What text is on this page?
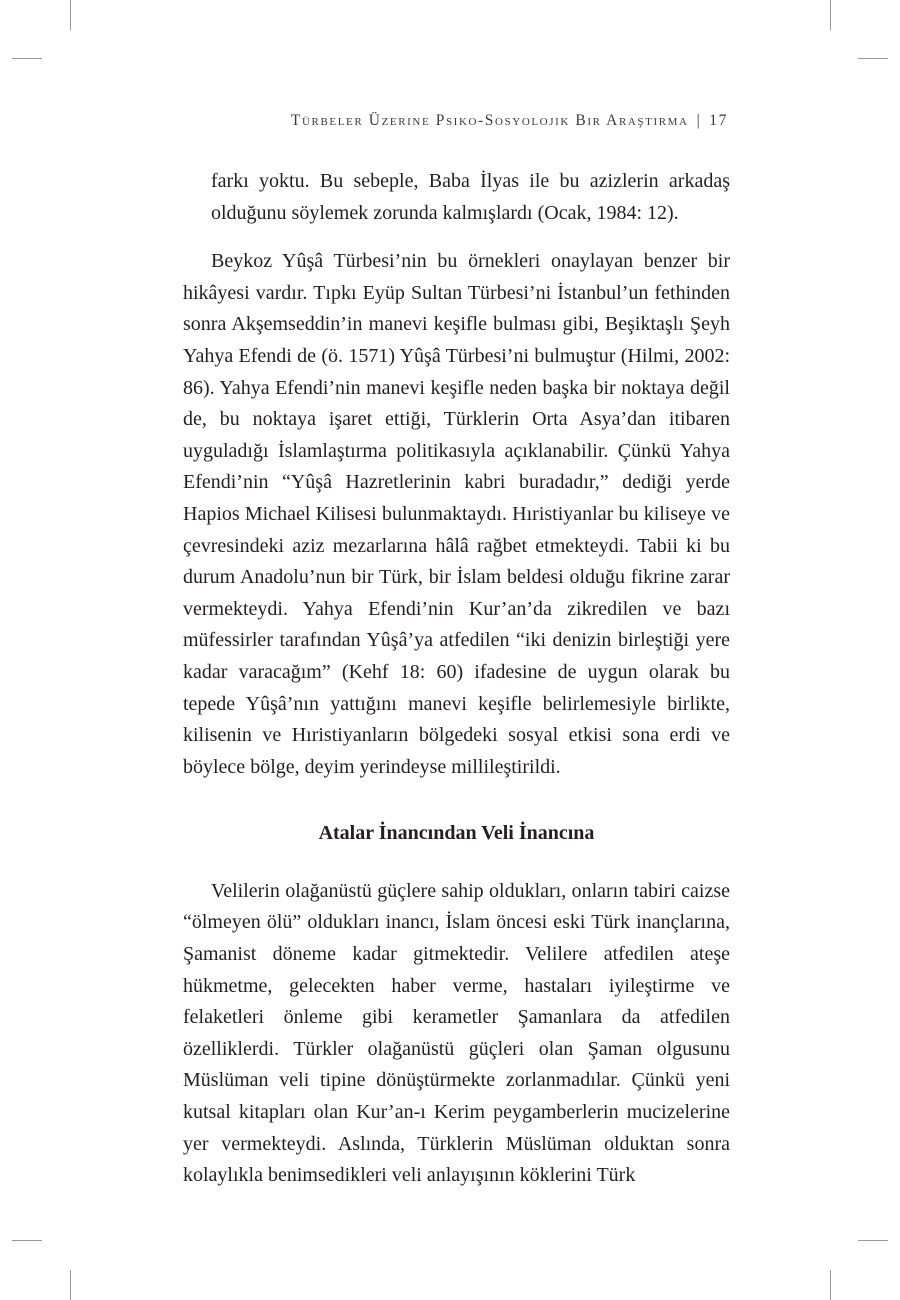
Türbeler Üzerine Psiko-Sosyolojik Bir Araştırma | 17

farkı yoktu. Bu sebeple, Baba İlyas ile bu azizlerin arkadaş olduğunu söylemek zorunda kalmışlardı (Ocak, 1984: 12).

Beykoz Yûşâ Türbesi’nin bu örnekleri onaylayan benzer bir hikâyesi vardır. Tıpkı Eyüp Sultan Türbesi’ni İstanbul’un fethinden sonra Akşemseddin’in manevi keşifle bulması gibi, Beşiktaşlı Şeyh Yahya Efendi de (ö. 1571) Yûşâ Türbesi’ni bulmuştur (Hilmi, 2002: 86). Yahya Efendi’nin manevi keşifle neden başka bir noktaya değil de, bu noktaya işaret ettiği, Türklerin Orta Asya’dan itibaren uyguladığı İslamlaştırma politikasıyla açıklanabilir. Çünkü Yahya Efendi’nin “Yûşâ Hazretlerinin kabri buradadır,” dediği yerde Hapios Michael Kilisesi bulunmaktaydı. Hıristiyanlar bu kiliseye ve çevresindeki aziz mezarlarına hâlâ rağbet etmekteydi. Tabii ki bu durum Anadolu’nun bir Türk, bir İslam beldesi olduğu fikrine zarar vermekteydi. Yahya Efendi’nin Kur’an’da zikredilen ve bazı müfessirler tarafından Yûşâ’ya atfedilen “iki denizin birleştiği yere kadar varacağım” (Kehf 18: 60) ifadesine de uygun olarak bu tepede Yûşâ’nın yattığını manevi keşifle belirlemesiyle birlikte, kilisenin ve Hıristiyanların bölgedeki sosyal etkisi sona erdi ve böylece bölge, deyim yerindeyse millileştirildi.

Atalar İnancından Veli İnancına

Velilerin olağanüstü güçlere sahip oldukları, onların tabiri caizse “ölmeyen ölü” oldukları inancı, İslam öncesi eski Türk inançlarına, Şamanist döneme kadar gitmektedir. Velilere atfedilen ateşe hükmetme, gelecekten haber verme, hastaları iyileştirme ve felaketleri önleme gibi kerametler Şamanlara da atfedilen özelliklerdi. Türkler olağanüstü güçleri olan Şaman olgusunu Müslüman veli tipine dönüştürmekte zorlanmadılar. Çünkü yeni kutsal kitapları olan Kur’an-ı Kerim peygamberlerin mucizelerine yer vermekteydi. Aslında, Türklerin Müslüman olduktan sonra kolaylıkla benimsedikleri veli anlayışının köklerini Türk
